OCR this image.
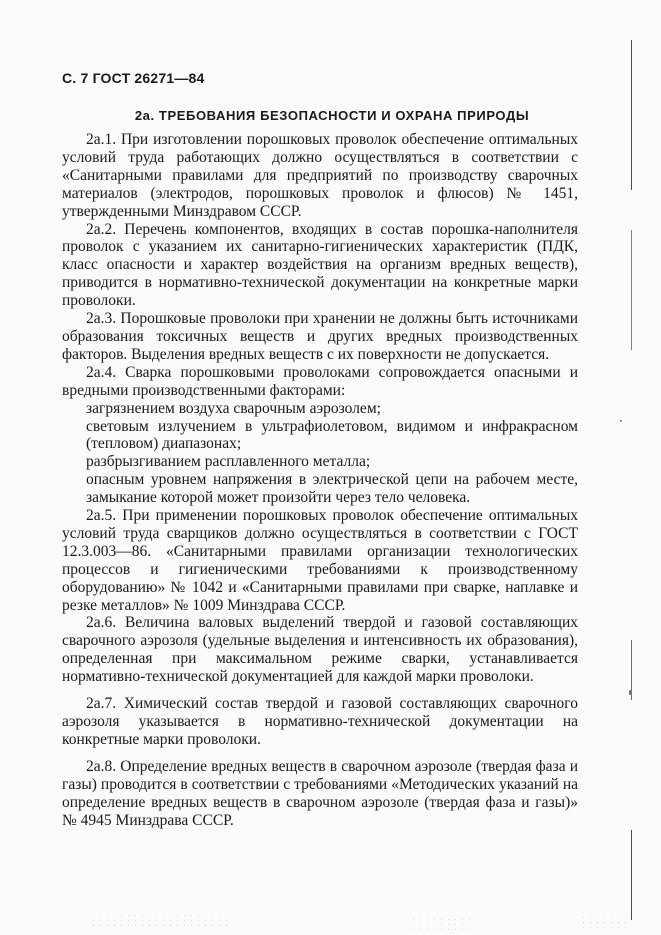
С. 7 ГОСТ 26271—84
2а. ТРЕБОВАНИЯ БЕЗОПАСНОСТИ И ОХРАНА ПРИРОДЫ

2а.1. При изготовлении порошковых проволок обеспечение оптимальных условий труда работающих должно осуществляться в соответствии с «Санитарными правилами для предприятий по производству сварочных материалов (электродов, порошковых проволок и флюсов) № 1451, утвержденными Минздравом СССР.

2а.2. Перечень компонентов, входящих в состав порошка-наполнителя проволок с указанием их санитарно-гигиенических характеристик (ПДК, класс опасности и характер воздействия на организм вредных веществ), приводится в нормативно-технической документации на конкретные марки проволоки.

2а.3. Порошковые проволоки при хранении не должны быть источниками образования токсичных веществ и других вредных производственных факторов. Выделения вредных веществ с их поверхности не допускается.

2а.4. Сварка порошковыми проволоками сопровождается опасными и вредными производственными факторами:

загрязнением воздуха сварочным аэрозолем;

световым излучением в ультрафиолетовом, видимом и инфракрасном (тепловом) диапазонах;

разбрызгиванием расплавленного металла;

опасным уровнем напряжения в электрической цепи на рабочем месте, замыкание которой может произойти через тело человека.

2а.5. При применении порошковых проволок обеспечение оптимальных условий труда сварщиков должно осуществляться в соответствии с ГОСТ 12.3.003—86. «Санитарными правилами организации технологических процессов и гигиеническими требованиями к производственному оборудованию» № 1042 и «Санитарными правилами при сварке, наплавке и резке металлов» № 1009 Минздрава СССР.

2а.6. Величина валовых выделений твердой и газовой составляющих сварочного аэрозоля (удельные выделения и интенсивность их образования), определенная при максимальном режиме сварки, устанавливается нормативно-технической документацией для каждой марки проволоки.

2а.7. Химический состав твердой и газовой составляющих сварочного аэрозоля указывается в нормативно-технической документации на конкретные марки проволоки.

2а.8. Определение вредных веществ в сварочном аэрозоле (твердая фаза и газы) проводится в соответствии с требованиями «Методических указаний на определение вредных веществ в сварочном аэрозоле (твердая фаза и газы)» № 4945 Минздрава СССР.
